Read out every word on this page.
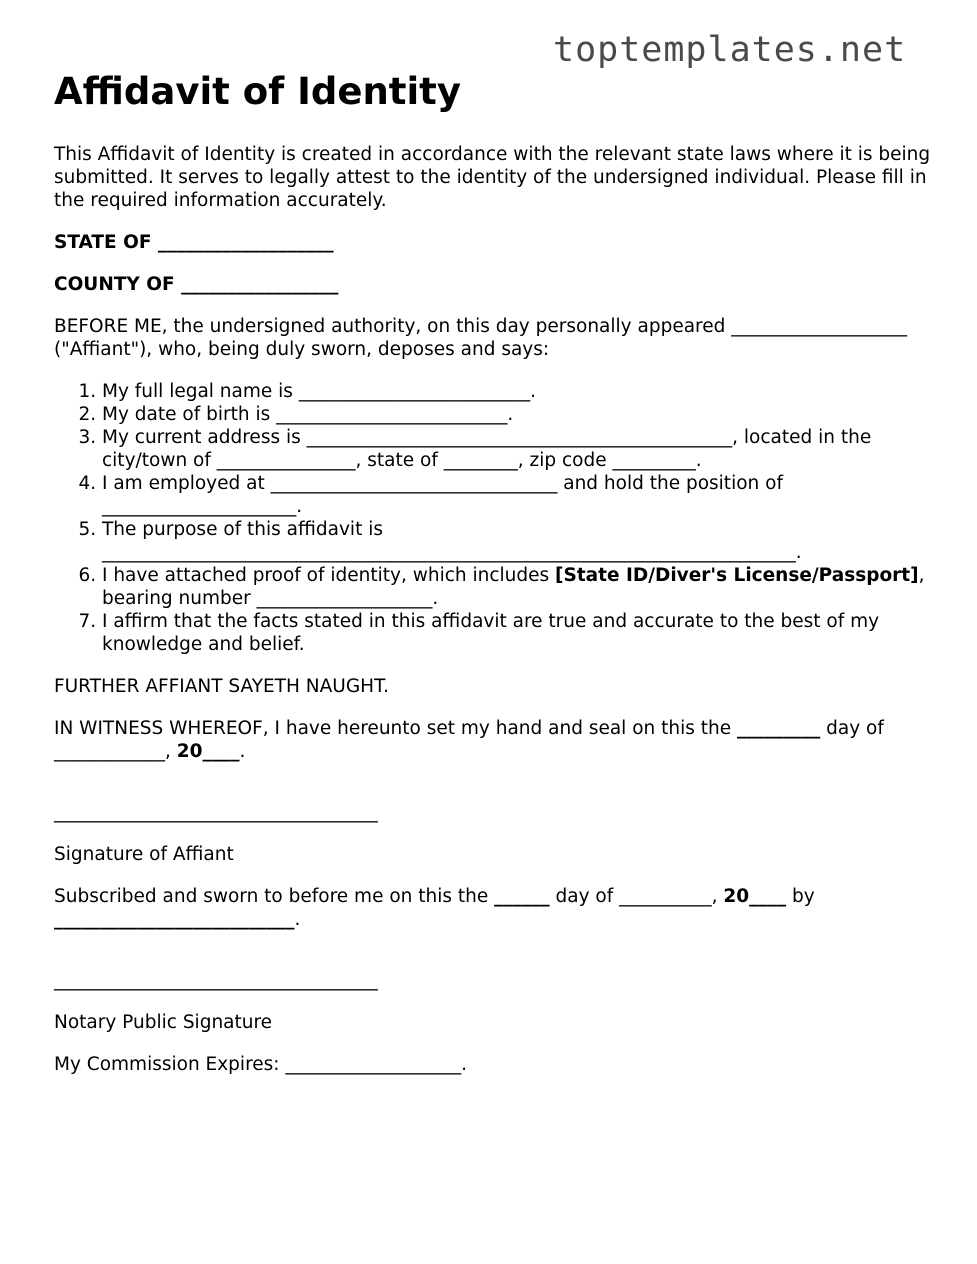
toptemplates.net
Affidavit of Identity

This Affidavit of Identity is created in accordance with the relevant state laws where it is being submitted. It serves to legally attest to the identity of the undersigned individual. Please fill in the required information accurately.

STATE OF ___________________

COUNTY OF _________________

BEFORE ME, the undersigned authority, on this day personally appeared ___________________ ("Affiant"), who, being duly sworn, deposes and says:

1. My full legal name is _________________________.
2. My date of birth is _________________________.
3. My current address is ______________________________________________, located in the city/town of _______________, state of ________, zip code _________.
4. I am employed at _______________________________ and hold the position of _____________________.
5. The purpose of this affidavit is ___________________________________________________________________________.
6. I have attached proof of identity, which includes [State ID/Diver's License/Passport], bearing number ___________________.
7. I affirm that the facts stated in this affidavit are true and accurate to the best of my knowledge and belief.

FURTHER AFFIANT SAYETH NAUGHT.

IN WITNESS WHEREOF, I have hereunto set my hand and seal on this the _________ day of ____________, 20____.

___________________________________

Signature of Affiant

Subscribed and sworn to before me on this the ______ day of __________, 20____ by __________________________.

___________________________________

Notary Public Signature

My Commission Expires: ___________________.
